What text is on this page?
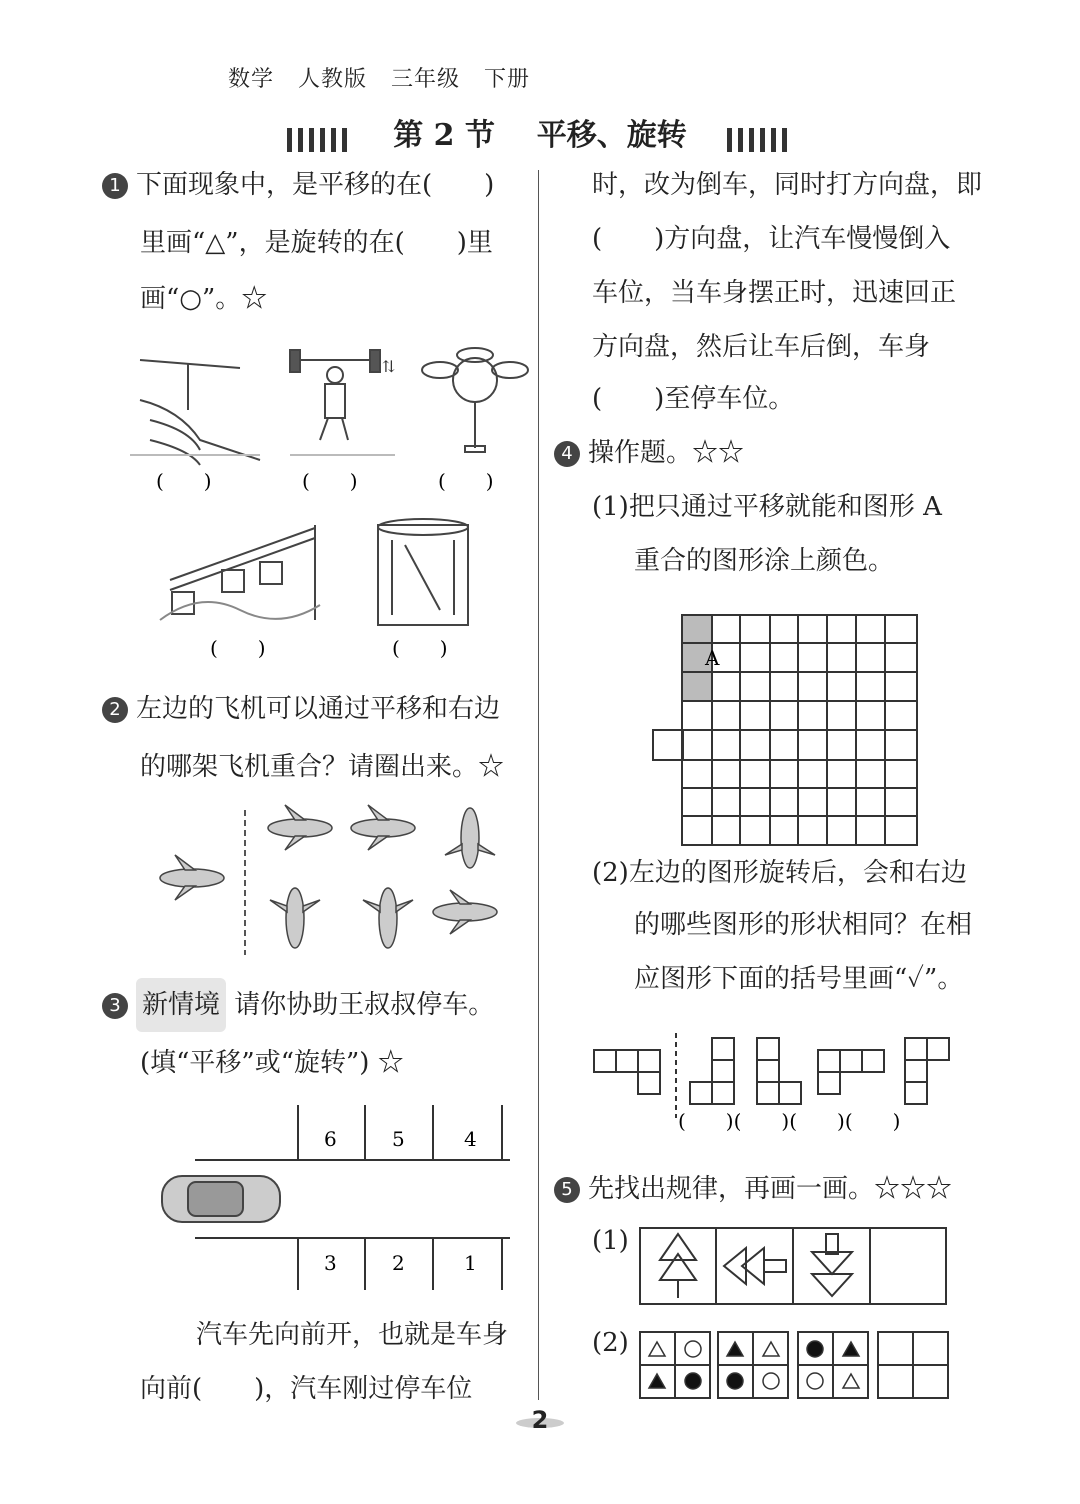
数学 人教版 三年级 下册
第 2 节 平移、旋转
1 下面现象中，是平移的在(　　)
里画“△”，是旋转的在(　　)里
画“○”。☆
⇅
(　　)	(　　)	(　　)
(　　)	(　　)
2 左边的飞机可以通过平移和右边
的哪架飞机重合？请圈出来。☆
3 新情境 请你协助王叔叔停车。
(填“平移”或“旋转”) ☆
6	5	4
3	2	1
汽车先向前开，也就是车身
向前(　　)，汽车刚过停车位
时，改为倒车，同时打方向盘，即
(　　)方向盘，让汽车慢慢倒入
车位，当车身摆正时，迅速回正
方向盘，然后让车后倒，车身
(　　)至停车位。
4 操作题。☆☆
(1)把只通过平移就能和图形 A
重合的图形涂上颜色。
A
(2)左边的图形旋转后，会和右边
的哪些图形的形状相同？在相
应图形下面的括号里画“✓”。
(　　)(　　)(　　)(　　)
5 先找出规律，再画一画。☆☆☆
(1)
(2)
2
